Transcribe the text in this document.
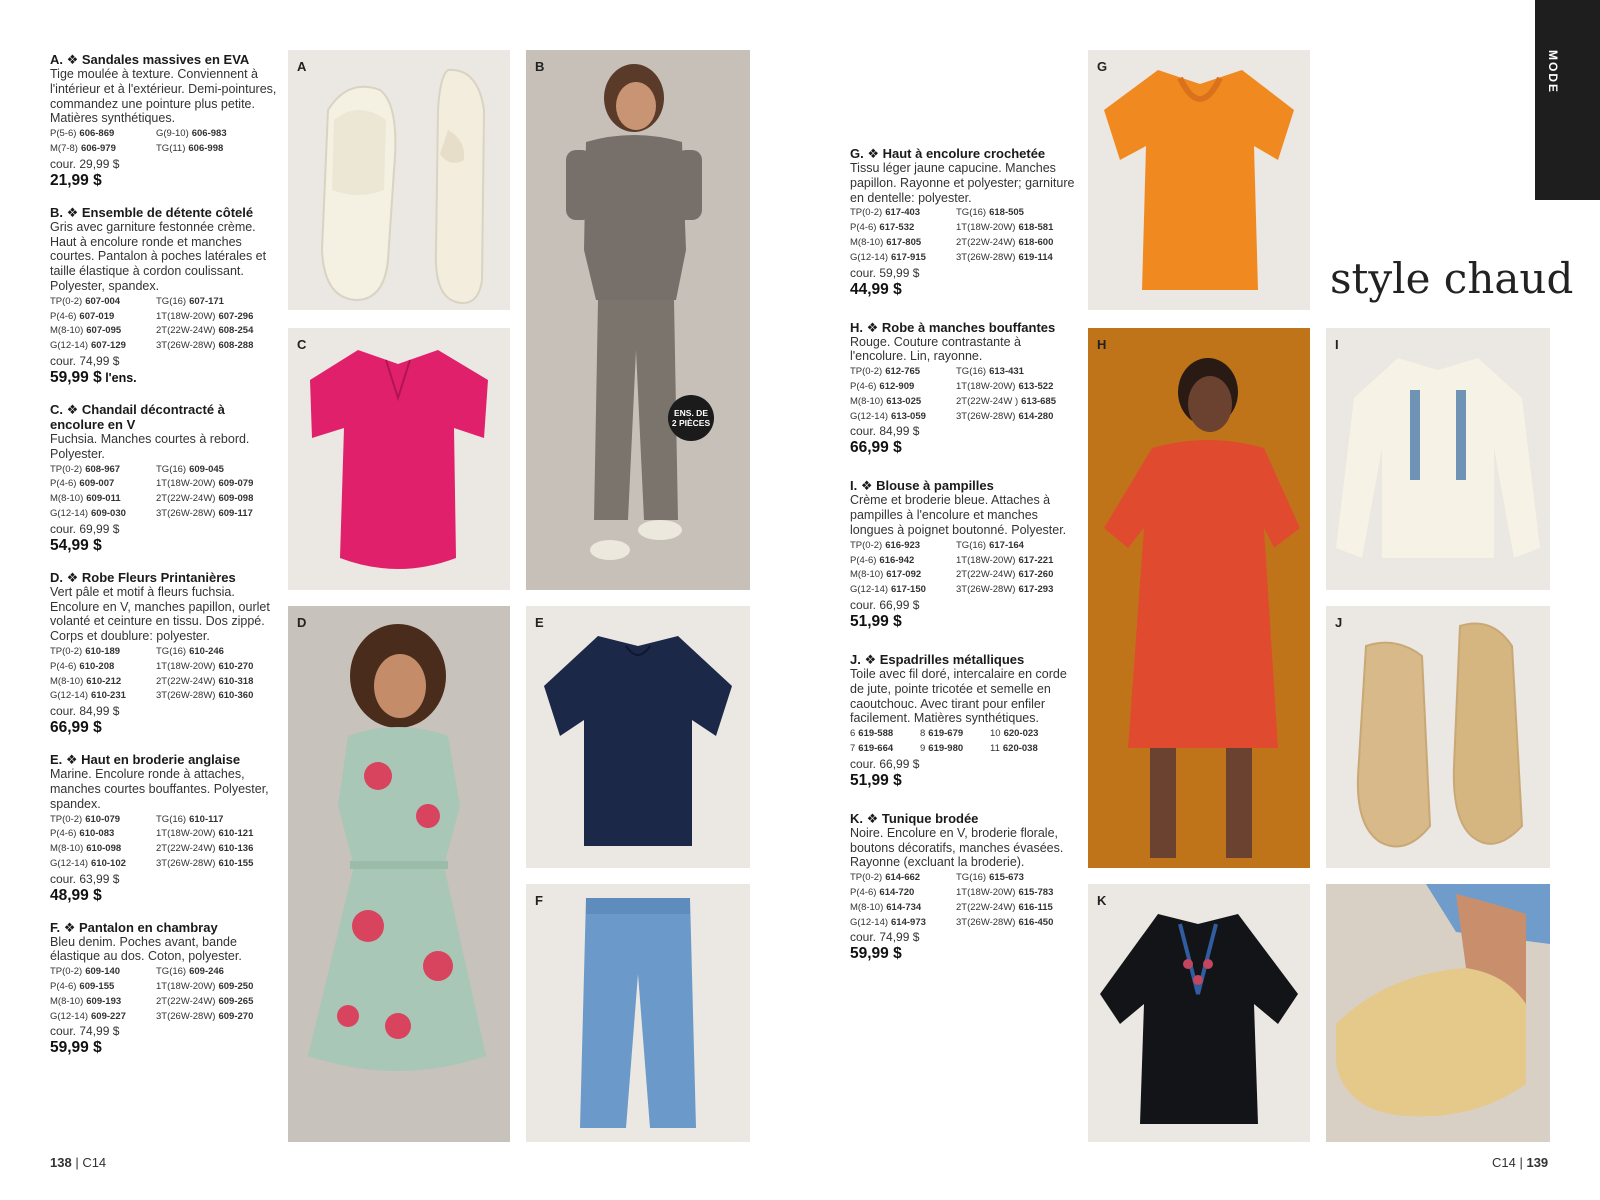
A. ❖ Sandales massives en EVA
Tige moulée à texture. Conviennent à l'intérieur et à l'extérieur. Demi-pointures, commandez une pointure plus petite. Matières synthétiques.
P(5-6) 606-869	G(9-10) 606-983
M(7-8) 606-979	TG(11) 606-998
cour. 29,99 $
21,99 $
B. ❖ Ensemble de détente côtelé
Gris avec garniture festonnée crème. Haut à encolure ronde et manches courtes. Pantalon à poches latérales et taille élastique à cordon coulissant. Polyester, spandex.
TP(0-2) 607-004	TG(16) 607-171
P(4-6) 607-019	1T(18W-20W) 607-296
M(8-10) 607-095	2T(22W-24W) 608-254
G(12-14) 607-129	3T(26W-28W) 608-288
cour. 74,99 $
59,99 $ l'ens.
C. ❖ Chandail décontracté à encolure en V
Fuchsia. Manches courtes à rebord. Polyester.
TP(0-2) 608-967	TG(16) 609-045
P(4-6) 609-007	1T(18W-20W) 609-079
M(8-10) 609-011	2T(22W-24W) 609-098
G(12-14) 609-030	3T(26W-28W) 609-117
cour. 69,99 $
54,99 $
D. ❖ Robe Fleurs Printanières
Vert pâle et motif à fleurs fuchsia. Encolure en V, manches papillon, ourlet volanté et ceinture en tissu. Dos zippé. Corps et doublure: polyester.
TP(0-2) 610-189	TG(16) 610-246
P(4-6) 610-208	1T(18W-20W) 610-270
M(8-10) 610-212	2T(22W-24W) 610-318
G(12-14) 610-231	3T(26W-28W) 610-360
cour. 84,99 $
66,99 $
E. ❖ Haut en broderie anglaise
Marine. Encolure ronde à attaches, manches courtes bouffantes. Polyester, spandex.
TP(0-2) 610-079	TG(16) 610-117
P(4-6) 610-083	1T(18W-20W) 610-121
M(8-10) 610-098	2T(22W-24W) 610-136
G(12-14) 610-102	3T(26W-28W) 610-155
cour. 63,99 $
48,99 $
F. ❖ Pantalon en chambray
Bleu denim. Poches avant, bande élastique au dos. Coton, polyester.
TP(0-2) 609-140	TG(16) 609-246
P(4-6) 609-155	1T(18W-20W) 609-250
M(8-10) 609-193	2T(22W-24W) 609-265
G(12-14) 609-227	3T(26W-28W) 609-270
cour. 74,99 $
59,99 $
G. ❖ Haut à encolure crochetée
Tissu léger jaune capucine. Manches papillon. Rayonne et polyester; garniture en dentelle: polyester.
TP(0-2) 617-403	TG(16) 618-505
P(4-6) 617-532	1T(18W-20W) 618-581
M(8-10) 617-805	2T(22W-24W) 618-600
G(12-14) 617-915	3T(26W-28W) 619-114
cour. 59,99 $
44,99 $
H. ❖ Robe à manches bouffantes
Rouge. Couture contrastante à l'encolure. Lin, rayonne.
TP(0-2) 612-765	TG(16) 613-431
P(4-6) 612-909	1T(18W-20W) 613-522
M(8-10) 613-025	2T(22W-24W ) 613-685
G(12-14) 613-059	3T(26W-28W) 614-280
cour. 84,99 $
66,99 $
I. ❖ Blouse à pampilles
Crème et broderie bleue. Attaches à pampilles à l'encolure et manches longues à poignet boutonné. Polyester.
TP(0-2) 616-923	TG(16) 617-164
P(4-6) 616-942	1T(18W-20W) 617-221
M(8-10) 617-092	2T(22W-24W) 617-260
G(12-14) 617-150	3T(26W-28W) 617-293
cour. 66,99 $
51,99 $
J. ❖ Espadrilles métalliques
Toile avec fil doré, intercalaire en corde de jute, pointe tricotée et semelle en caoutchouc. Avec tirant pour enfiler facilement. Matières synthétiques.
6 619-588	8 619-679	10 620-023
7 619-664	9 619-980	11 620-038
cour. 66,99 $
51,99 $
K. ❖ Tunique brodée
Noire. Encolure en V, broderie florale, boutons décoratifs, manches évasées. Rayonne (excluant la broderie).
TP(0-2) 614-662	TG(16) 615-673
P(4-6) 614-720	1T(18W-20W) 615-783
M(8-10) 614-734	2T(22W-24W) 616-115
G(12-14) 614-973	3T(26W-28W) 616-450
cour. 74,99 $
59,99 $
A	B
ENS. DE
2 PIÈCES
C
D	E
F
G
style chaud
H	I
J
K
MODE
138 | C14	C14 | 139
